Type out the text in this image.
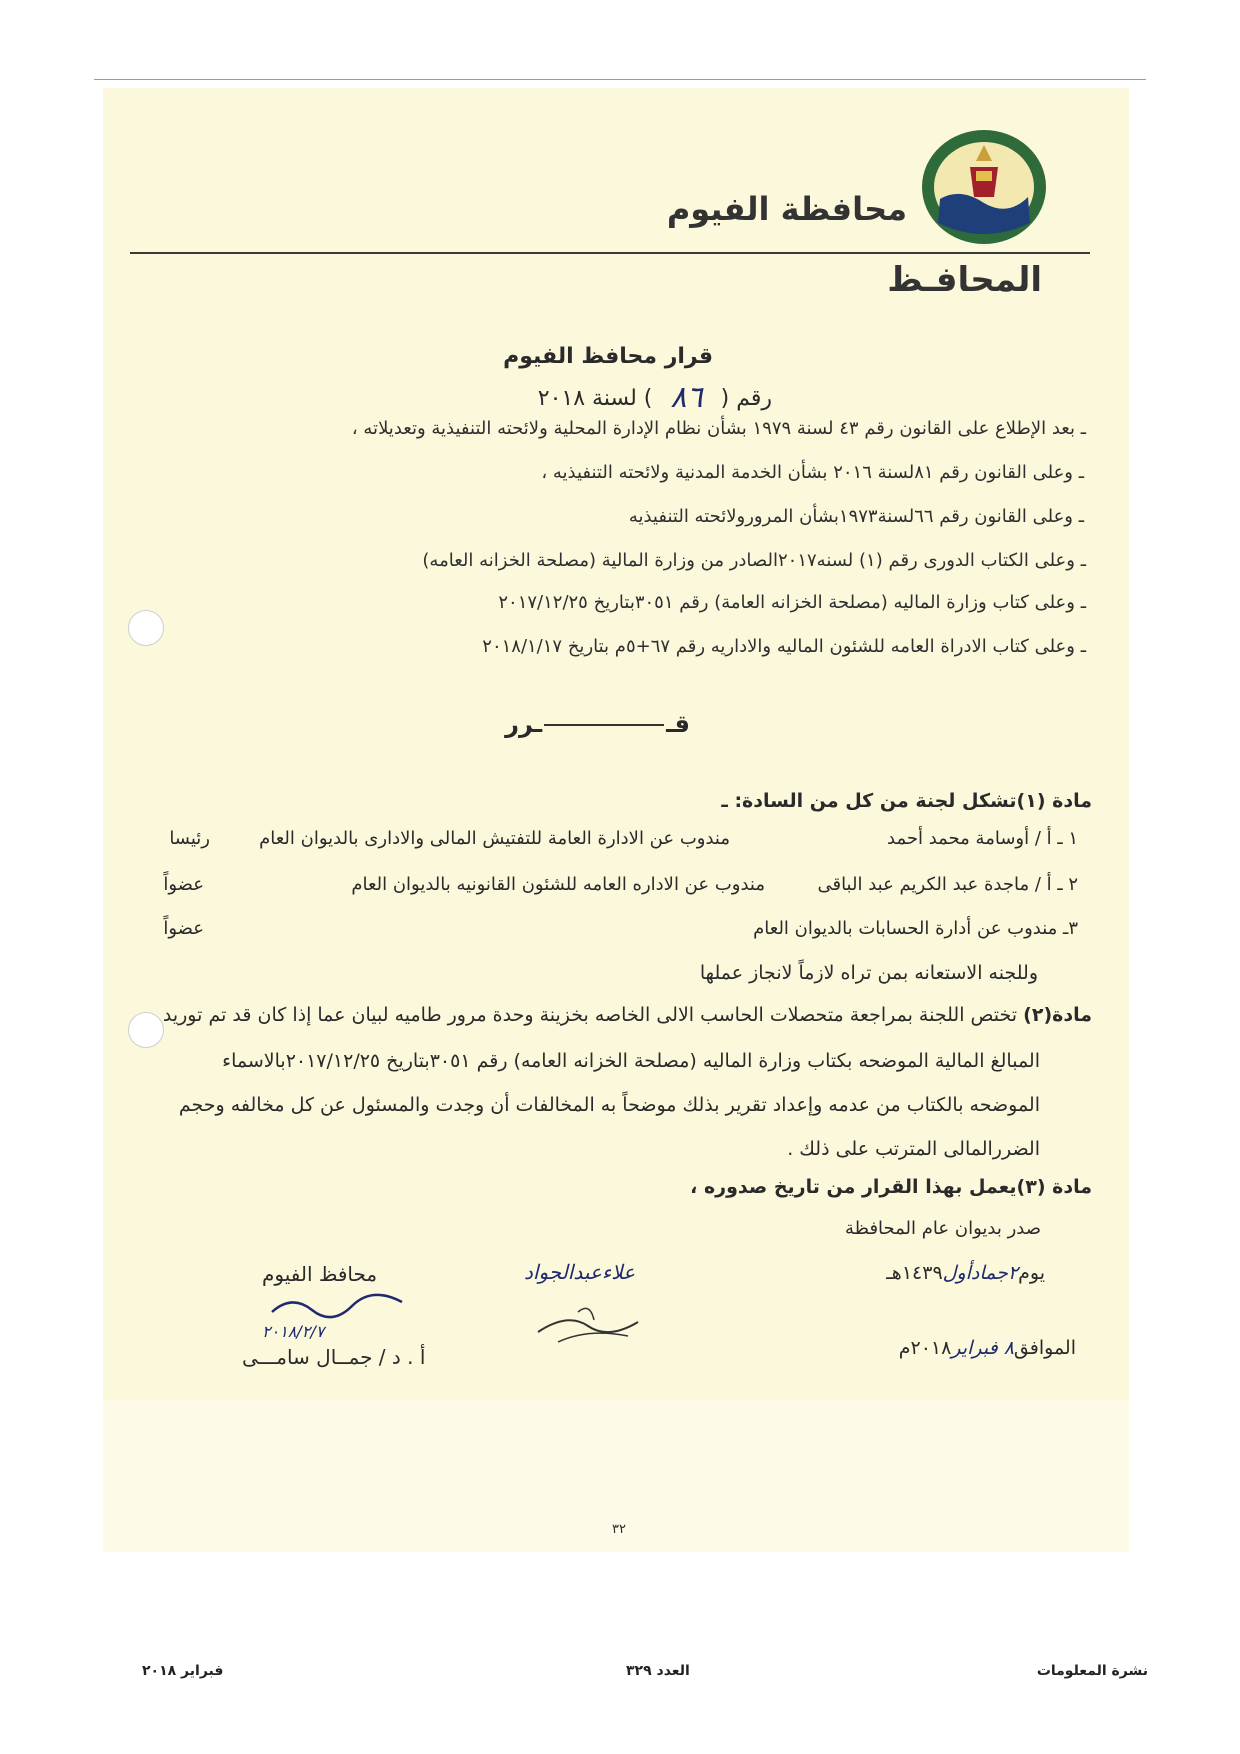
محافظة الفيوم
المحافـظ
قرار محافظ الفيوم
رقم (٨٦) لسنة ٢٠١٨
ـ بعد الإطلاع على القانون رقم ٤٣ لسنة ١٩٧٩ بشأن نظام الإدارة المحلية ولائحته التنفيذية وتعديلاته ،
ـ وعلى القانون رقم ٨١لسنة ٢٠١٦ بشأن الخدمة المدنية ولائحته التنفيذيه ،
ـ وعلى القانون رقم ٦٦لسنة١٩٧٣بشأن المروروﻻئحته التنفيذيه
ـ وعلى الكتاب الدورى رقم (١) لسنه٢٠١٧الصادر من وزارة المالية (مصلحة الخزانه العامه)
ـ وعلى كتاب وزارة الماليه (مصلحة الخزانه العامة) رقم ٣٠٥١بتاريخ ٢٠١٧/١٢/٢٥
ـ وعلى كتاب الادراة العامه للشئون الماليه والاداريه رقم ٦٧+٥م بتاريخ ٢٠١٨/١/١٧
قــرر
مادة (١)تشكل لجنة من كل من السادة: ـ
١ ـ أ / أوسامة محمد أحمد
مندوب عن الادارة العامة للتفتيش المالى والادارى بالديوان العام
رئيسا
٢ ـ أ / ماجدة عبد الكريم عبد الباقى
مندوب عن الاداره العامه للشئون القانونيه بالديوان العام
عضواً
٣ـ مندوب عن أدارة الحسابات بالديوان العام
عضواً
وللجنه الاستعانه بمن تراه لازماً لانجاز عملها
مادة(٢) تختص اللجنة بمراجعة متحصلات الحاسب الالى الخاصه بخزينة وحدة مرور طاميه لبيان عما إذا كان قد تم توريد
المبالغ المالية الموضحه بكتاب وزارة الماليه (مصلحة الخزانه العامه) رقم ٣٠٥١بتاريخ ٢٠١٧/١٢/٢٥بالاسماء
الموضحه بالكتاب من عدمه وإعداد تقرير بذلك موضحاً به المخالفات أن وجدت والمسئول عن كل مخالفه وحجم
الضررالمالى المترتب على ذلك .
مادة (٣)يعمل بهذا القرار من تاريخ صدوره ،
صدر بديوان عام المحافظة
يوم٢جمادأول١٤٣٩هـ
الموافق٨ فبراير٢٠١٨م
علاءعبدالجواد
محافظ الفيوم
٢٠١٨/٢/٧
أ . د / جمــال سامـــى
٣٢
نشرة المعلومات
العدد ٣٢٩
فبراير ٢٠١٨
